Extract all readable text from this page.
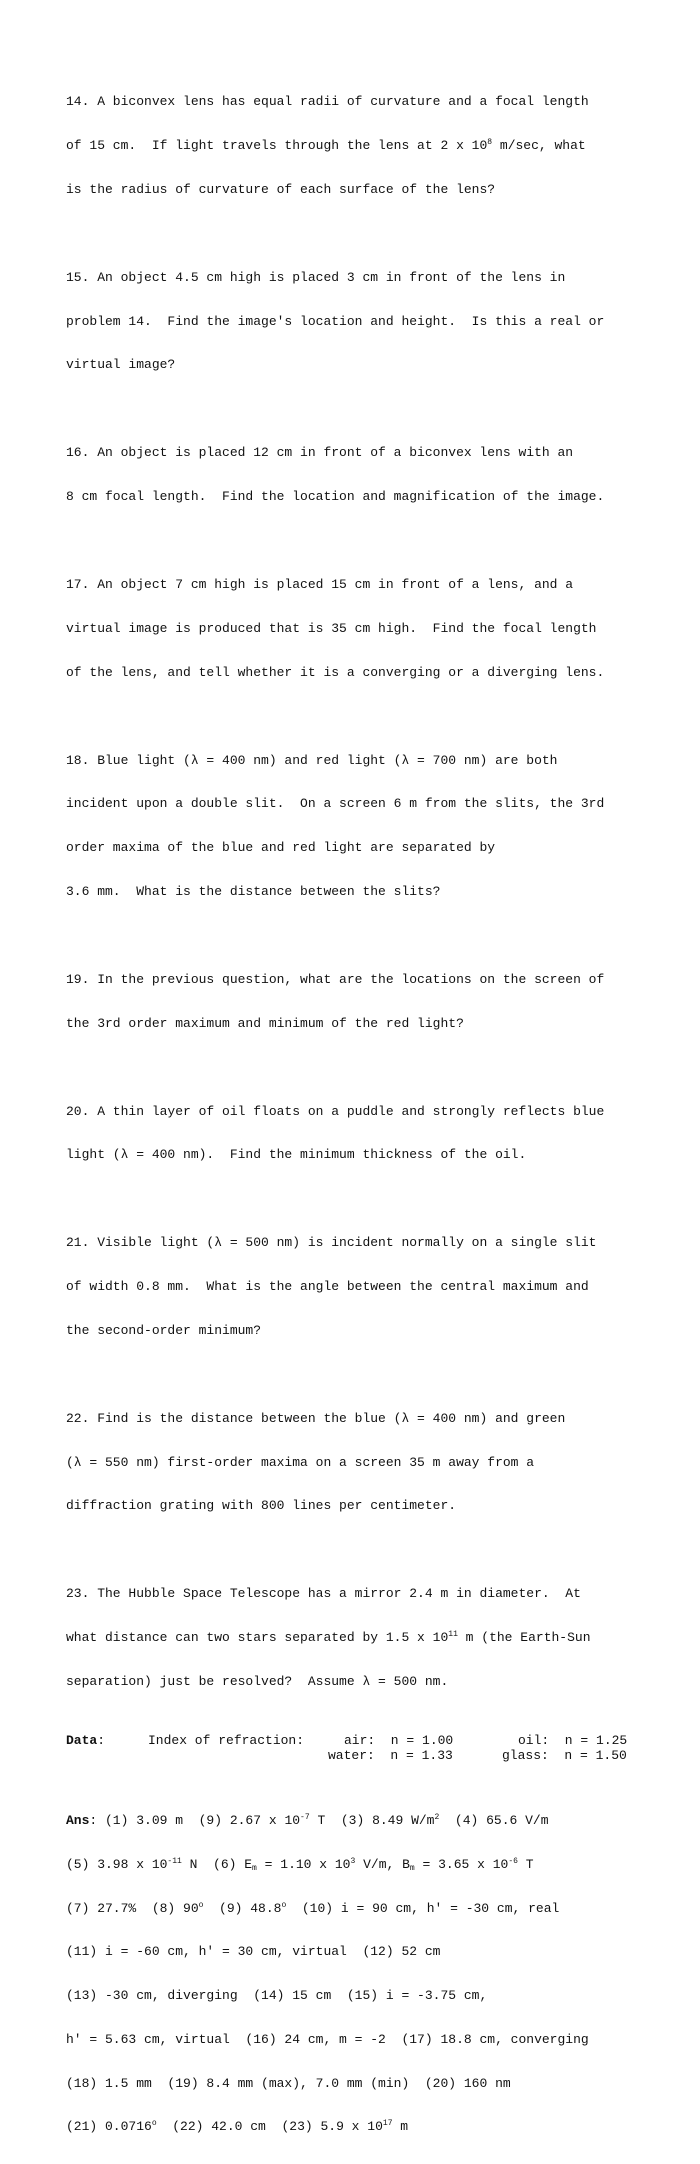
14. A biconvex lens has equal radii of curvature and a focal length

of 15 cm.  If light travels through the lens at 2 x $10^8$ m/sec, what

is the radius of curvature of each surface of the lens?

15. An object 4.5 cm high is placed 3 cm in front of the lens in

problem 14.  Find the image's location and height.  Is this a real or

virtual image?

16. An object is placed 12 cm in front of a biconvex lens with an

8 cm focal length.  Find the location and magnification of the image.

17. An object 7 cm high is placed 15 cm in front of a lens, and a

virtual image is produced that is 35 cm high.  Find the focal length

of the lens, and tell whether it is a converging or a diverging lens.

18. Blue light (λ = 400 nm) and red light (λ = 700 nm) are both

incident upon a double slit.  On a screen 6 m from the slits, the 3rd

order maxima of the blue and red light are separated by

3.6 mm.  What is the distance between the slits?

19. In the previous question, what are the locations on the screen of

the 3rd order maximum and minimum of the red light?

20. A thin layer of oil floats on a puddle and strongly reflects blue

light (λ = 400 nm).  Find the minimum thickness of the oil.

21. Visible light (λ = 500 nm) is incident normally on a single slit

of width 0.8 mm.  What is the angle between the central maximum and

the second-order minimum?

22. Find is the distance between the blue (λ = 400 nm) and green

(λ = 550 nm) first-order maxima on a screen 35 m away from a

diffraction grating with 800 lines per centimeter.

23. The Hubble Space Telescope has a mirror 2.4 m in diameter.  At

what distance can two stars separated by 1.5 x $10^{11}$ m (the Earth-Sun

separation) just be resolved?  Assume λ = 500 nm.

Data:	Index of refraction:	air:  n = 1.00	oil:  n = 1.25
water:  n = 1.33	glass:  n = 1.50

Ans: (1) 3.09 m  (9) 2.67 x $10^{-7}$ T  (3) 8.49 $W/m^2$  (4) 65.6 V/m

(5) 3.98 x $10^{-11}$ N  (6) $E_m = 1.10$ x $10^3$ V/m, $B_m = 3.65$ x $10^{-6}$ T

(7) 27.7%  (8) 90$^o$  (9) 48.8$^o$  (10) i = 90 cm, h' = -30 cm, real

(11) i = -60 cm, h' = 30 cm, virtual  (12) 52 cm

(13) -30 cm, diverging  (14) 15 cm  (15) i = -3.75 cm,

h' = 5.63 cm, virtual  (16) 24 cm, m = -2  (17) 18.8 cm, converging

(18) 1.5 mm  (19) 8.4 mm (max), 7.0 mm (min)  (20) 160 nm

(21) 0.0716$^o$  (22) 42.0 cm  (23) 5.9 x $10^{17}$ m
